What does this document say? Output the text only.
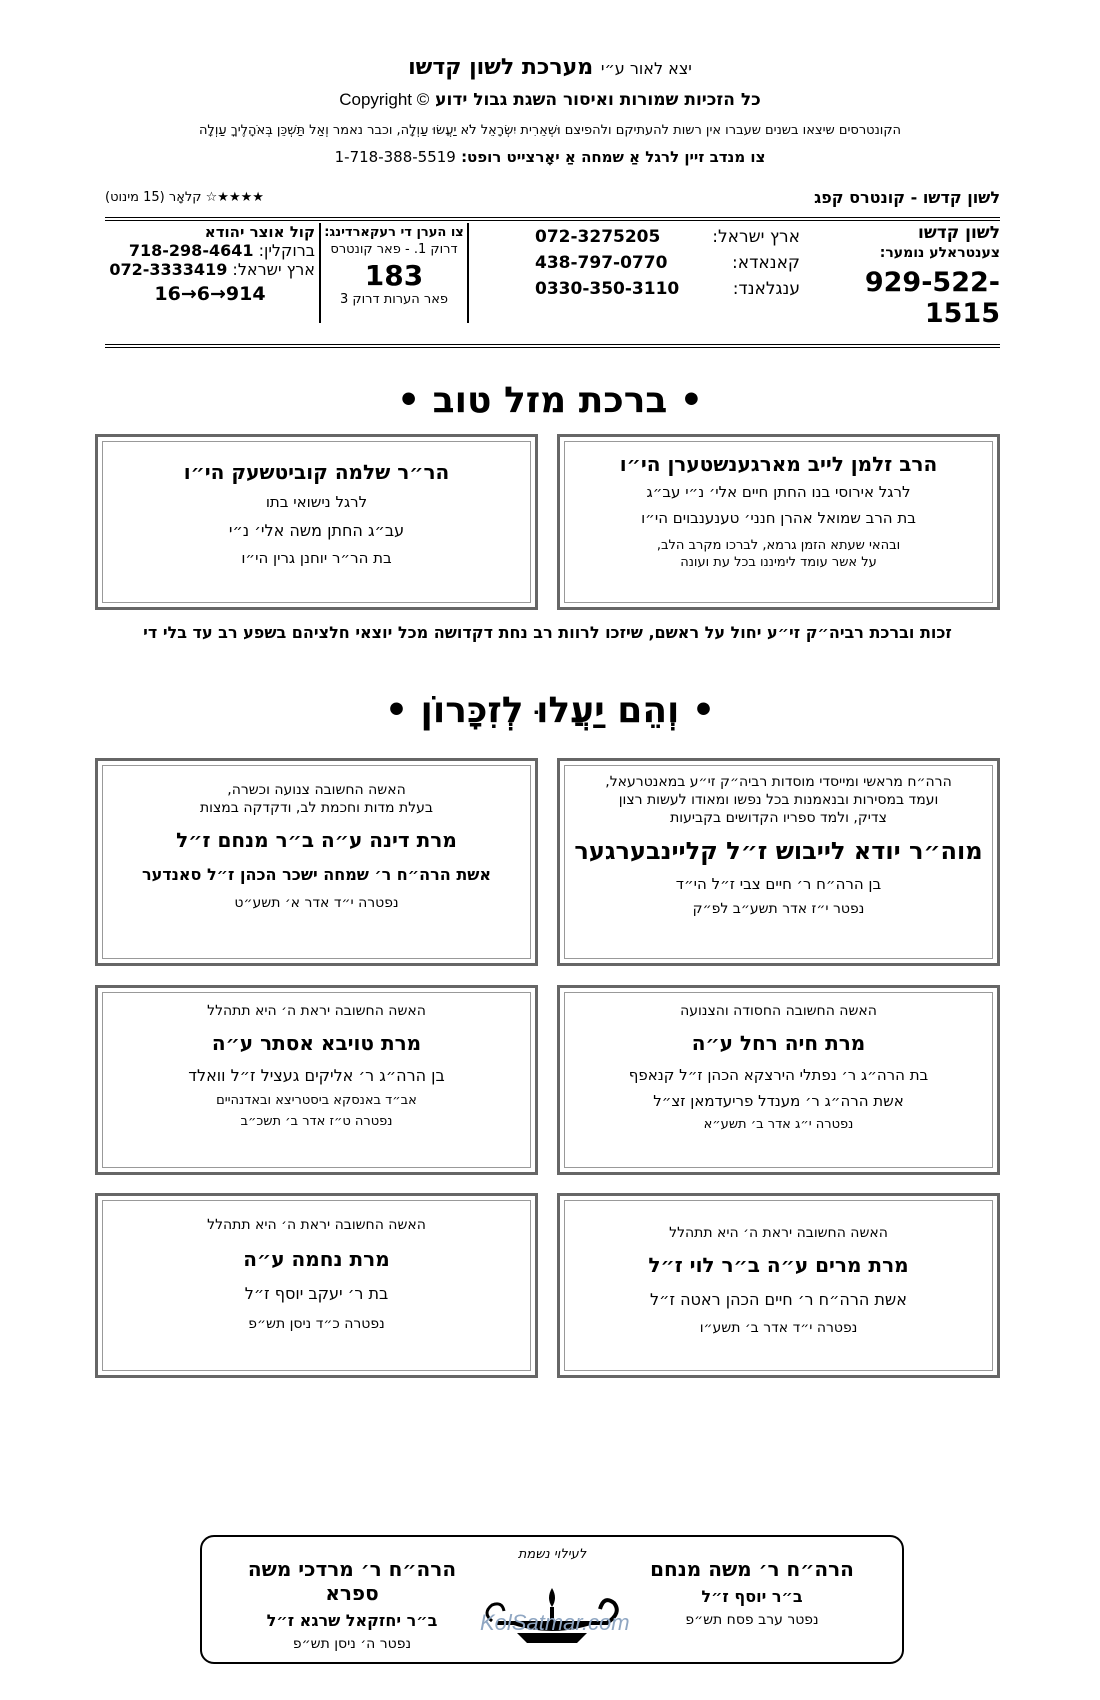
יצא לאור ע״י מערכת לשון קדשו
כל הזכיות שמורות ואיסור השגת גבול ידוע Copyright ©
הקונטרסים שיצאו בשנים שעברו אין רשות להעתיקם ולהפיצם וּשְׁאֵרִית יִשְׂרָאֵל לֹא יַעֲשׂוּ עַוְלָה, וכבר נאמר וְאַל תַּשְׁכֵּן בְּאֹהָלֶיךָ עַוְלָה
צו מנדב זיין לרגל אַ שמחה אַ יאָרצייט רופט: 1-718-388-5519
לשון קדשו - קונטרס קפג
★★★★☆ קלאָר (15 מינוט)
לשון קדשו
צענטראלע נומער:
929-522-1515
ארץ ישראל:
072-3275205
קאנאדא:
438-797-0770
ענגלאנד:
0330-350-3110
צו הערן די רעקארדינג:
דרוק 1. - פאר קונטרס
183
פאר הערות דרוק 3
קול אוצר יהודא
ברוקלין: 718-298-4641
ארץ ישראל: 072-3333419
16→6→914
• ברכת מזל טוב •
הרב זלמן לייב מארגענשטערן הי״ו
לרגל אירוסי בנו החתן חיים אלי׳ נ״י עב״ג
בת הרב שמואל אהרן חנני׳ טענענבוים הי״ו
ובהאי שעתא הזמן גרמא, לברכו מקרב הלב,
על אשר עומד לימיננו בכל עת ועונה
הר״ר שלמה קוביטשעק הי״ו
לרגל נישואי בתו
עב״ג החתן משה אלי׳ נ״י
בת הר״ר יוחנן גרין הי״ו
זכות וברכת רביה״ק זי״ע יחול על ראשם, שיזכו לרוות רב נחת דקדושה מכל יוצאי חלציהם בשפע רב עד בלי די
• וְהֵם יַעֲלוּ לְזִכָּרוֹן •
הרה״ח מראשי ומייסדי מוסדות רביה״ק זי״ע במאנטרעאל,
ועמד במסירות ובנאמנות בכל נפשו ומאודו לעשות רצון
צדיק, ולמד ספריו הקדושים בקביעות
מוה״ר יודא לייבוש ז״ל קליינבערגער
בן הרה״ח ר׳ חיים צבי ז״ל הי״ד
נפטר י״ז אדר תשע״ב לפ״ק
האשה החשובה צנועה וכשרה,
בעלת מדות וחכמת לב, ודקדקה במצות
מרת דינה ע״ה ב״ר מנחם ז״ל
אשת הרה״ח ר׳ שמחה ישכר הכהן ז״ל סאנדער
נפטרה י״ד אדר א׳ תשע״ט
האשה החשובה החסודה והצנועה
מרת חיה רחל ע״ה
בת הרה״ג ר׳ נפתלי הירצקא הכהן ז״ל קנאפף
אשת הרה״ג ר׳ מענדל פריעדמאן זצ״ל
נפטרה י״ג אדר ב׳ תשע״א
האשה החשובה יראת ה׳ היא תתהלל
מרת טויבא אסתר ע״ה
בן הרה״ג ר׳ אליקים געציל ז״ל וואלד
אב״ד באנסקא ביסטריצא ובאדנהיים
נפטרה ט״ז אדר ב׳ תשכ״ב
האשה החשובה יראת ה׳ היא תתהלל
מרת מרים ע״ה ב״ר לוי ז״ל
אשת הרה״ח ר׳ חיים הכהן ראטה ז״ל
נפטרה י״ד אדר ב׳ תשע״ו
האשה החשובה יראת ה׳ היא תתהלל
מרת נחמה ע״ה
בת ר׳ יעקב יוסף ז״ל
נפטרה כ״ד ניסן תש״פ
הרה״ח ר׳ משה מנחם
ב״ר יוסף ז״ל
נפטר ערב פסח תש״פ
לעילוי נשמת
הרה״ח ר׳ מרדכי משה ספרא
ב״ר יחזקאל שרגא ז״ל
נפטר ה׳ ניסן תש״פ
KolSatmar.com
